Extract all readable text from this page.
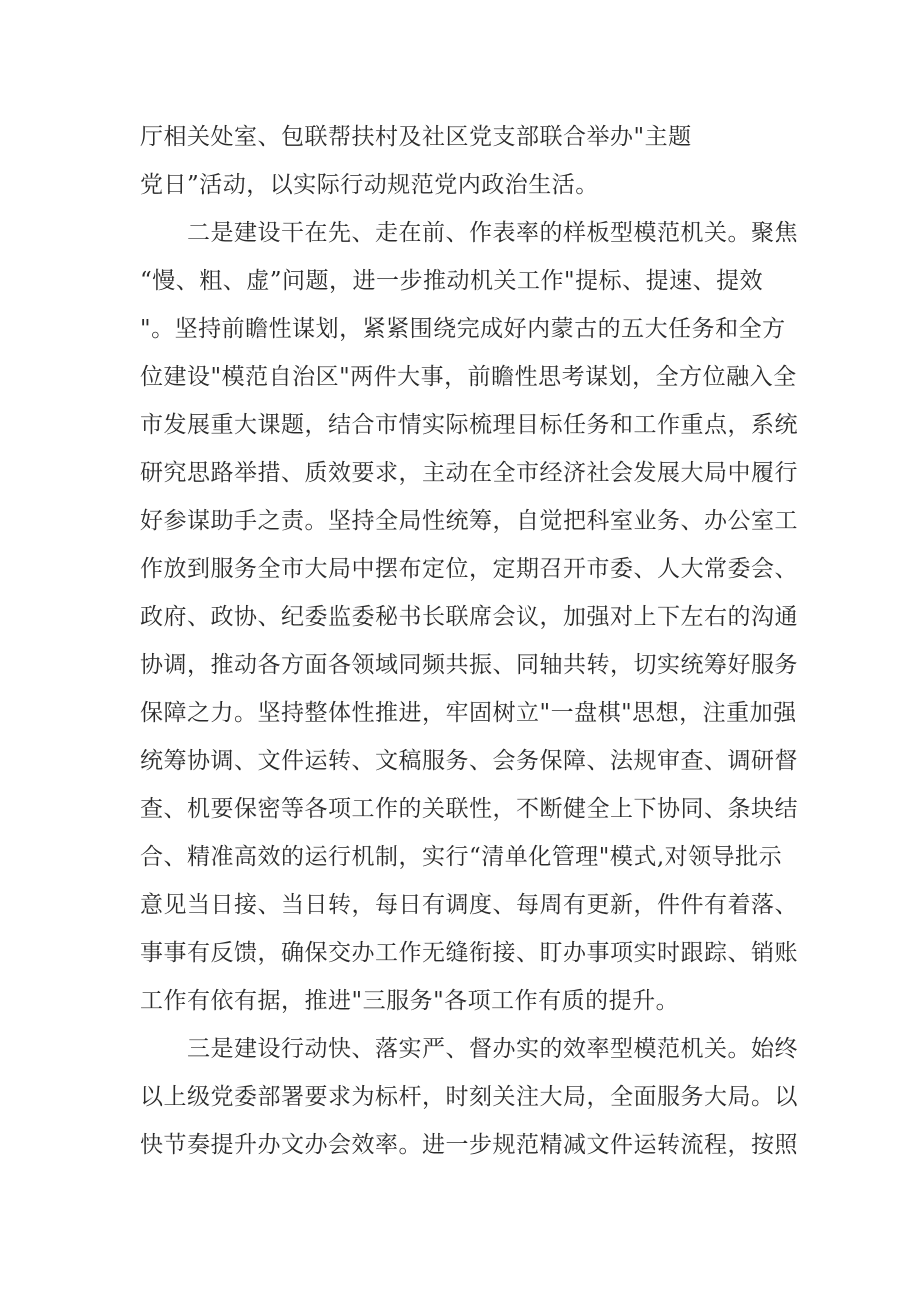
厅相关处室、包联帮扶村及社区党支部联合举办"主题
党日”活动，以实际行动规范党内政治生活。
二是建设干在先、走在前、作表率的样板型模范机关。聚焦
“慢、粗、虚”问题，进一步推动机关工作"提标、提速、提效
"。坚持前瞻性谋划，紧紧围绕完成好内蒙古的五大任务和全方
位建设"模范自治区"两件大事，前瞻性思考谋划，全方位融入全
市发展重大课题，结合市情实际梳理目标任务和工作重点，系统
研究思路举措、质效要求，主动在全市经济社会发展大局中履行
好参谋助手之责。坚持全局性统筹，自觉把科室业务、办公室工
作放到服务全市大局中摆布定位，定期召开市委、人大常委会、
政府、政协、纪委监委秘书长联席会议，加强对上下左右的沟通
协调，推动各方面各领域同频共振、同轴共转，切实统筹好服务
保障之力。坚持整体性推进，牢固树立"一盘棋"思想，注重加强
统筹协调、文件运转、文稿服务、会务保障、法规审查、调研督
查、机要保密等各项工作的关联性，不断健全上下协同、条块结
合、精准高效的运行机制，实行“清单化管理"模式,对领导批示
意见当日接、当日转，每日有调度、每周有更新，件件有着落、
事事有反馈，确保交办工作无缝衔接、盯办事项实时跟踪、销账
工作有依有据，推进"三服务"各项工作有质的提升。
三是建设行动快、落实严、督办实的效率型模范机关。始终
以上级党委部署要求为标杆，时刻关注大局，全面服务大局。以
快节奏提升办文办会效率。进一步规范精减文件运转流程，按照
